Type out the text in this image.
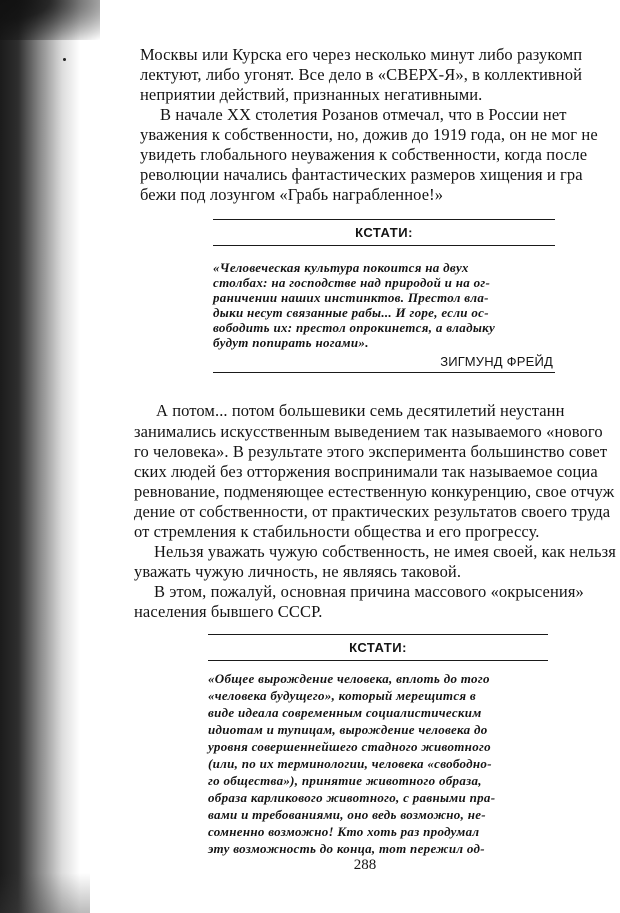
Москвы или Курска его через несколько минут либо разукомп
лектуют, либо угонят. Все дело в «СВЕРХ-Я», в коллективной
неприятии действий, признанных негативными.
В начале XX столетия Розанов отмечал, что в России нет
уважения к собственности, но, дожив до 1919 года, он не мог не
увидеть глобального неуважения к собственности, когда после
революции начались фантастических размеров хищения и гра
бежи под лозунгом «Грабь награбленное!»
КСТАТИ:
«Человеческая культура покоится на двух
столбах: на господстве над природой и на ог-
раничении наших инстинктов. Престол вла-
дыки несут связанные рабы... И горе, если ос-
вободить их: престол опрокинется, а владыку
будут попирать ногами».
ЗИГМУНД ФРЕЙД
А потом... потом большевики семь десятилетий неустанн
занимались искусственным выведением так называемого «нового
го человека». В результате этого эксперимента большинство совет
ских людей без отторжения воспринимали так называемое социа
ревнование, подменяющее естественную конкуренцию, свое отчуж
дение от собственности, от практических результатов своего труда
от стремления к стабильности общества и его прогрессу.
Нельзя уважать чужую собственность, не имея своей, как нельзя
уважать чужую личность, не являясь таковой.
В этом, пожалуй, основная причина массового «окрысения»
населения бывшего СССР.
КСТАТИ:
«Общее вырождение человека, вплоть до того
«человека будущего», который мерещится в
виде идеала современным социалистическим
идиотам и тупицам, вырождение человека до
уровня совершеннейшего стадного животного
(или, по их терминологии, человека «свободно-
го общества»), принятие животного образа,
образа карликового животного, с равными пра-
вами и требованиями, оно ведь возможно, не-
сомненно возможно! Кто хоть раз продумал
эту возможность до конца, тот пережил од-
288
